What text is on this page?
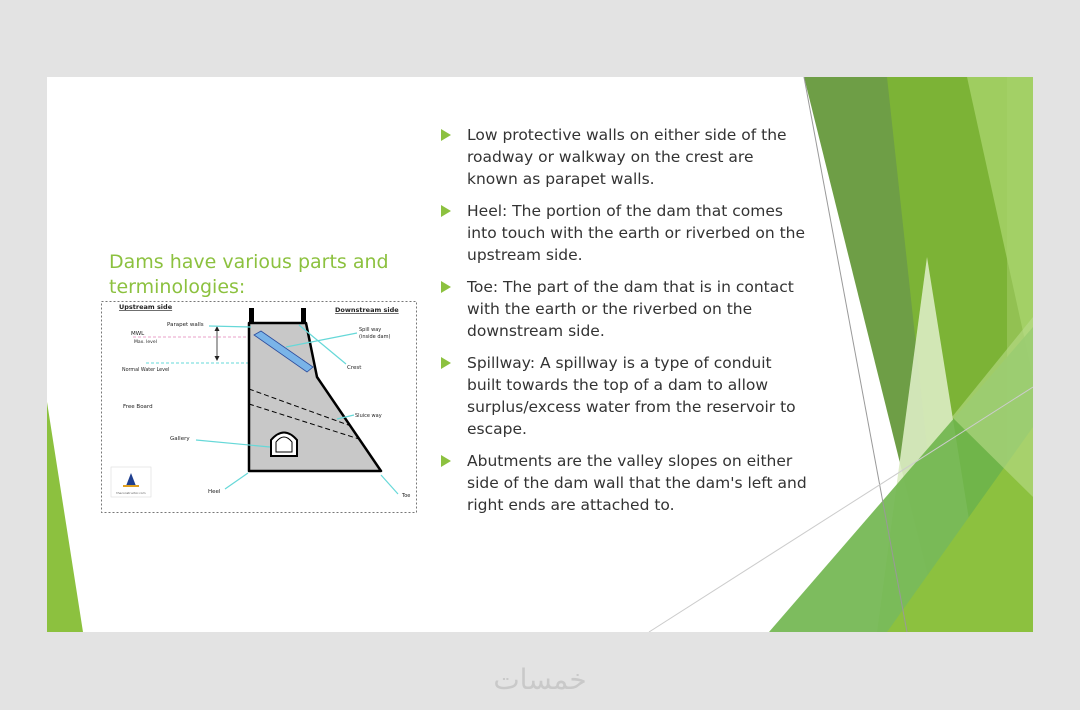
Dams have various parts and terminologies:
Upstream side	Downstream side
Parapet walls
MWL
Max. level
Normal Water Level
Free Board
Gallery
Heel
Spill way
(inside dam)
Crest
Sluice way
Toe
theconstructor.com
Low protective walls on either side of the roadway or walkway on the crest are known as parapet walls.
Heel: The portion of the dam that comes into touch with the earth or riverbed on the upstream side.
Toe: The part of the dam that is in contact with the earth or the riverbed on the downstream side.
Spillway: A spillway is a type of conduit built towards the top of a dam to allow surplus/excess water from the reservoir to escape.
Abutments are the valley slopes on either side of the dam wall that the dam's left and right ends are attached to.
خمسات
